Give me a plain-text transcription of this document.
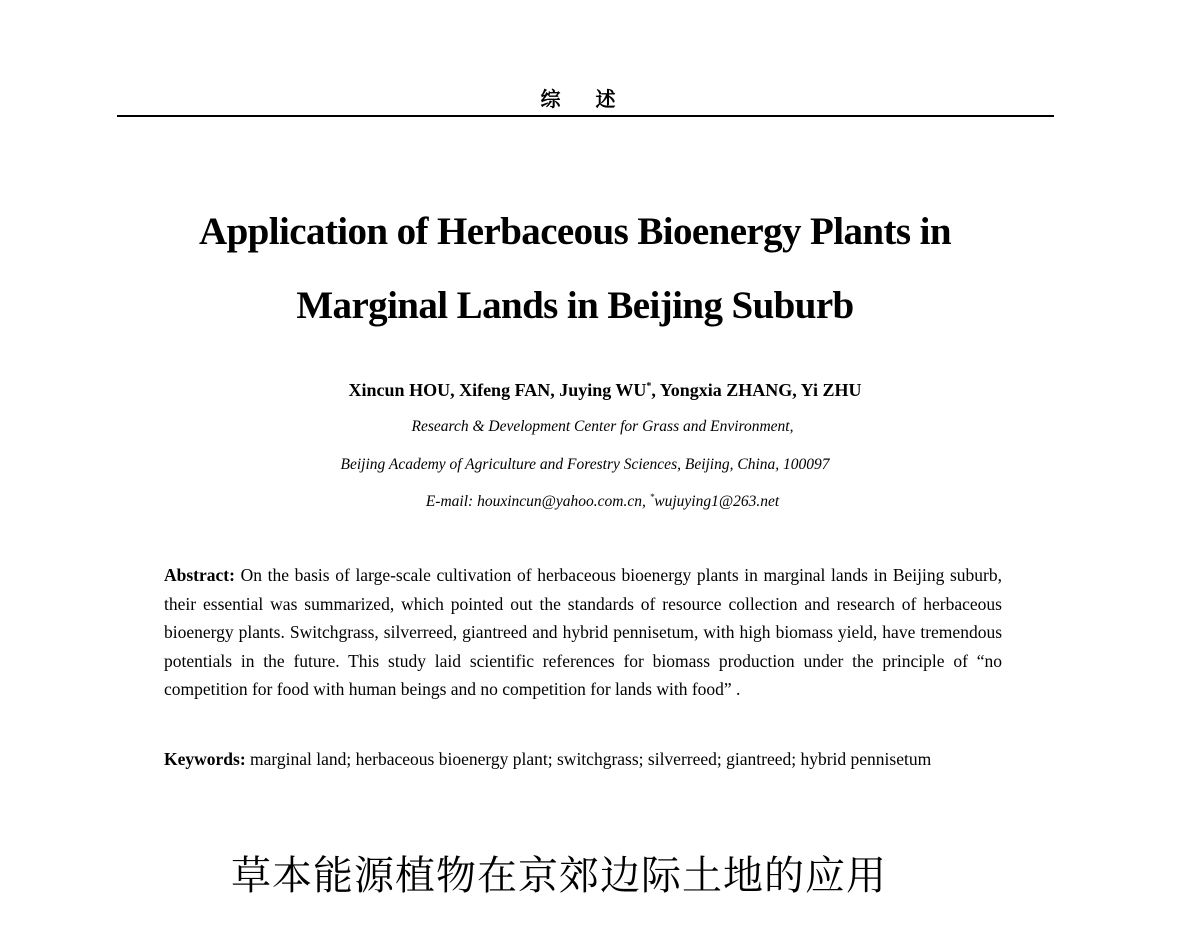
综 述
Application of Herbaceous Bioenergy Plants in
Marginal Lands in Beijing Suburb
Xincun HOU, Xifeng FAN, Juying WU*, Yongxia ZHANG, Yi ZHU
Research & Development Center for Grass and Environment,
Beijing Academy of Agriculture and Forestry Sciences, Beijing, China, 100097
E-mail: houxincun@yahoo.com.cn, *wujuying1@263.net
Abstract: On the basis of large-scale cultivation of herbaceous bioenergy plants in marginal lands in Beijing suburb, their essential was summarized, which pointed out the standards of resource collection and research of herbaceous bioenergy plants. Switchgrass, silverreed, giantreed and hybrid pennisetum, with high biomass yield, have tremendous potentials in the future. This study laid scientific references for biomass production under the principle of “no competition for food with human beings and no competition for lands with food” .
Keywords: marginal land; herbaceous bioenergy plant; switchgrass; silverreed; giantreed; hybrid pennisetum
草本能源植物在京郊边际土地的应用
